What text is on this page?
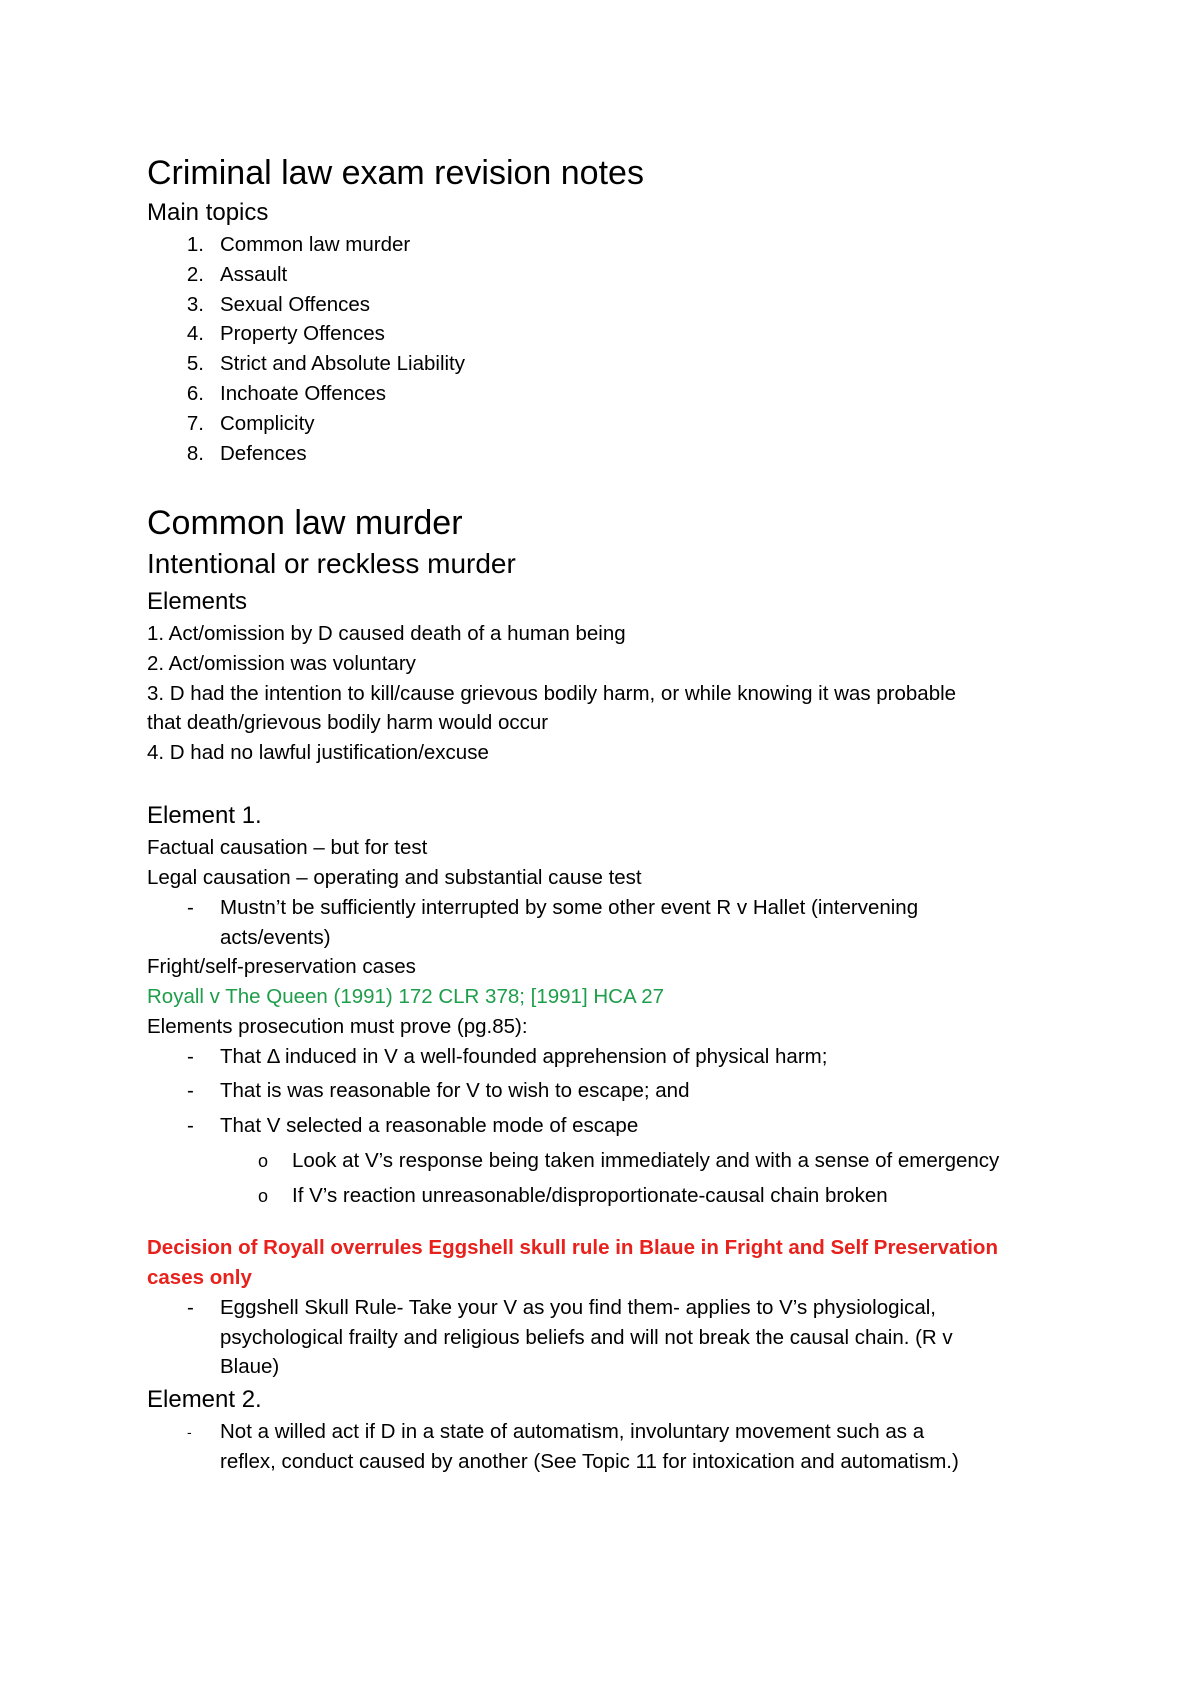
Criminal law exam revision notes
Main topics
1. Common law murder
2. Assault
3. Sexual Offences
4. Property Offences
5. Strict and Absolute Liability
6. Inchoate Offences
7. Complicity
8. Defences
Common law murder
Intentional or reckless murder
Elements
1. Act/omission by D caused death of a human being
2. Act/omission was voluntary
3. D had the intention to kill/cause grievous bodily harm, or while knowing it was probable
that death/grievous bodily harm would occur
4. D had no lawful justification/excuse
Element 1.
Factual causation – but for test
Legal causation – operating and substantial cause test
- Mustn’t be sufficiently interrupted by some other event R v Hallet (intervening
acts/events)
Fright/self-preservation cases
Royall v The Queen (1991) 172 CLR 378; [1991] HCA 27
Elements prosecution must prove (pg.85):
- That Δ induced in V a well-founded apprehension of physical harm;
- That is was reasonable for V to wish to escape; and
- That V selected a reasonable mode of escape
o Look at V’s response being taken immediately and with a sense of emergency
o If V’s reaction unreasonable/disproportionate-causal chain broken
Decision of Royall overrules Eggshell skull rule in Blaue in Fright and Self Preservation
cases only
- Eggshell Skull Rule- Take your V as you find them- applies to V’s physiological,
psychological frailty and religious beliefs and will not break the causal chain. (R v
Blaue)
Element 2.
- Not a willed act if D in a state of automatism, involuntary movement such as a
reflex, conduct caused by another (See Topic 11 for intoxication and automatism.)
